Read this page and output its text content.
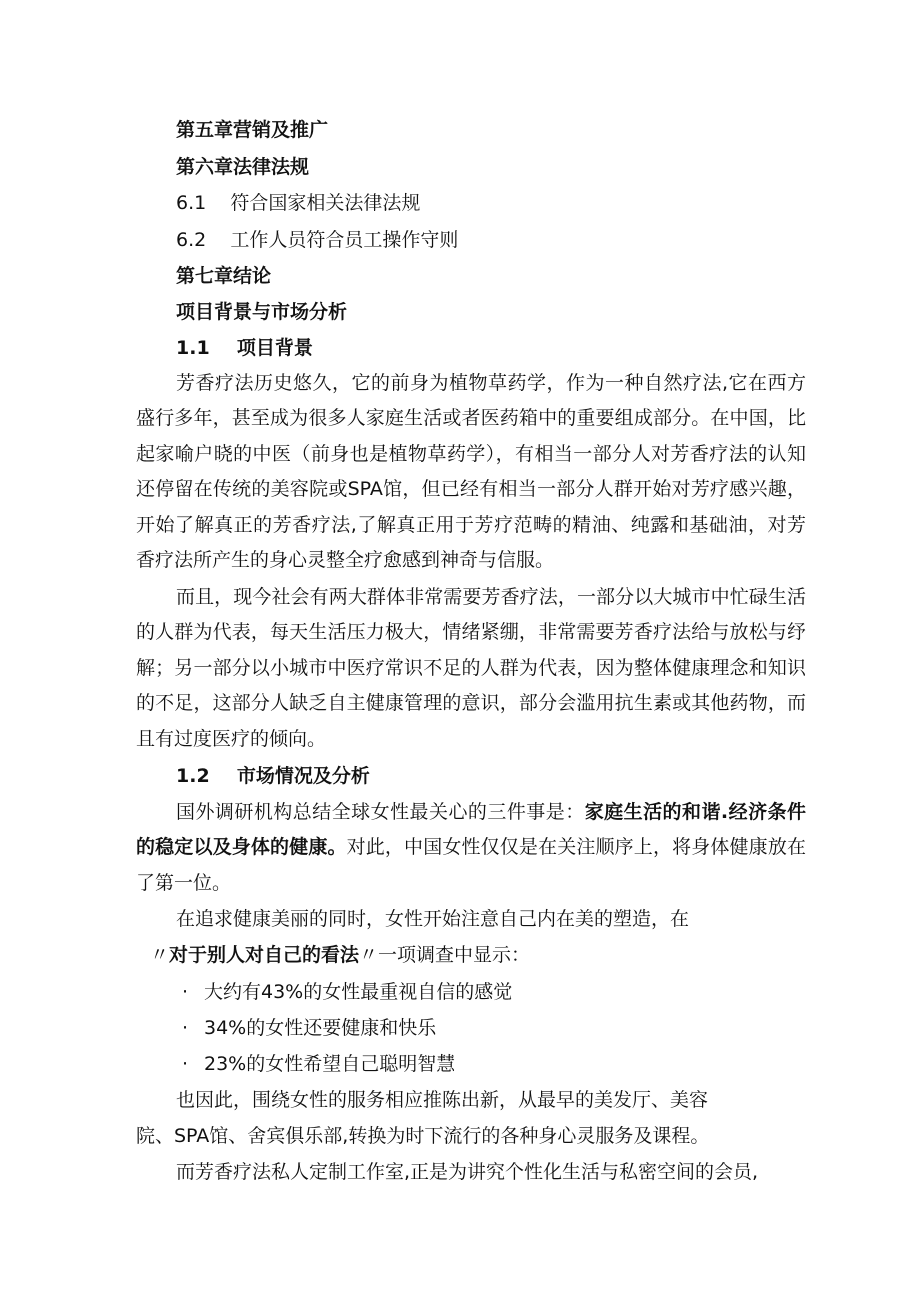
第五章营销及推广
第六章法律法规
6.1 符合国家相关法律法规
6.2 工作人员符合员工操作守则
第七章结论
项目背景与市场分析
1.1 项目背景
芳香疗法历史悠久，它的前身为植物草药学，作为一种自然疗法,它在西方盛行多年，甚至成为很多人家庭生活或者医药箱中的重要组成部分。在中国，比起家喻户晓的中医（前身也是植物草药学），有相当一部分人对芳香疗法的认知还停留在传统的美容院或SPA馆，但已经有相当一部分人群开始对芳疗感兴趣，开始了解真正的芳香疗法,了解真正用于芳疗范畴的精油、纯露和基础油，对芳香疗法所产生的身心灵整全疗愈感到神奇与信服。
而且，现今社会有两大群体非常需要芳香疗法，一部分以大城市中忙碌生活的人群为代表，每天生活压力极大，情绪紧绷，非常需要芳香疗法给与放松与纾解；另一部分以小城市中医疗常识不足的人群为代表，因为整体健康理念和知识的不足，这部分人缺乏自主健康管理的意识，部分会滥用抗生素或其他药物，而且有过度医疗的倾向。
1.2 市场情况及分析
国外调研机构总结全球女性最关心的三件事是：家庭生活的和谐.经济条件的稳定以及身体的健康。对此，中国女性仅仅是在关注顺序上，将身体健康放在了第一位。
在追求健康美丽的同时，女性开始注意自己内在美的塑造，在
〃对于别人对自己的看法〃一项调查中显示：
· 大约有43%的女性最重视自信的感觉
· 34%的女性还要健康和快乐
· 23%的女性希望自己聪明智慧
也因此，围绕女性的服务相应推陈出新，从最早的美发厅、美容
院、SPA馆、舍宾俱乐部,转换为时下流行的各种身心灵服务及课程。
而芳香疗法私人定制工作室,正是为讲究个性化生活与私密空间的会员,
